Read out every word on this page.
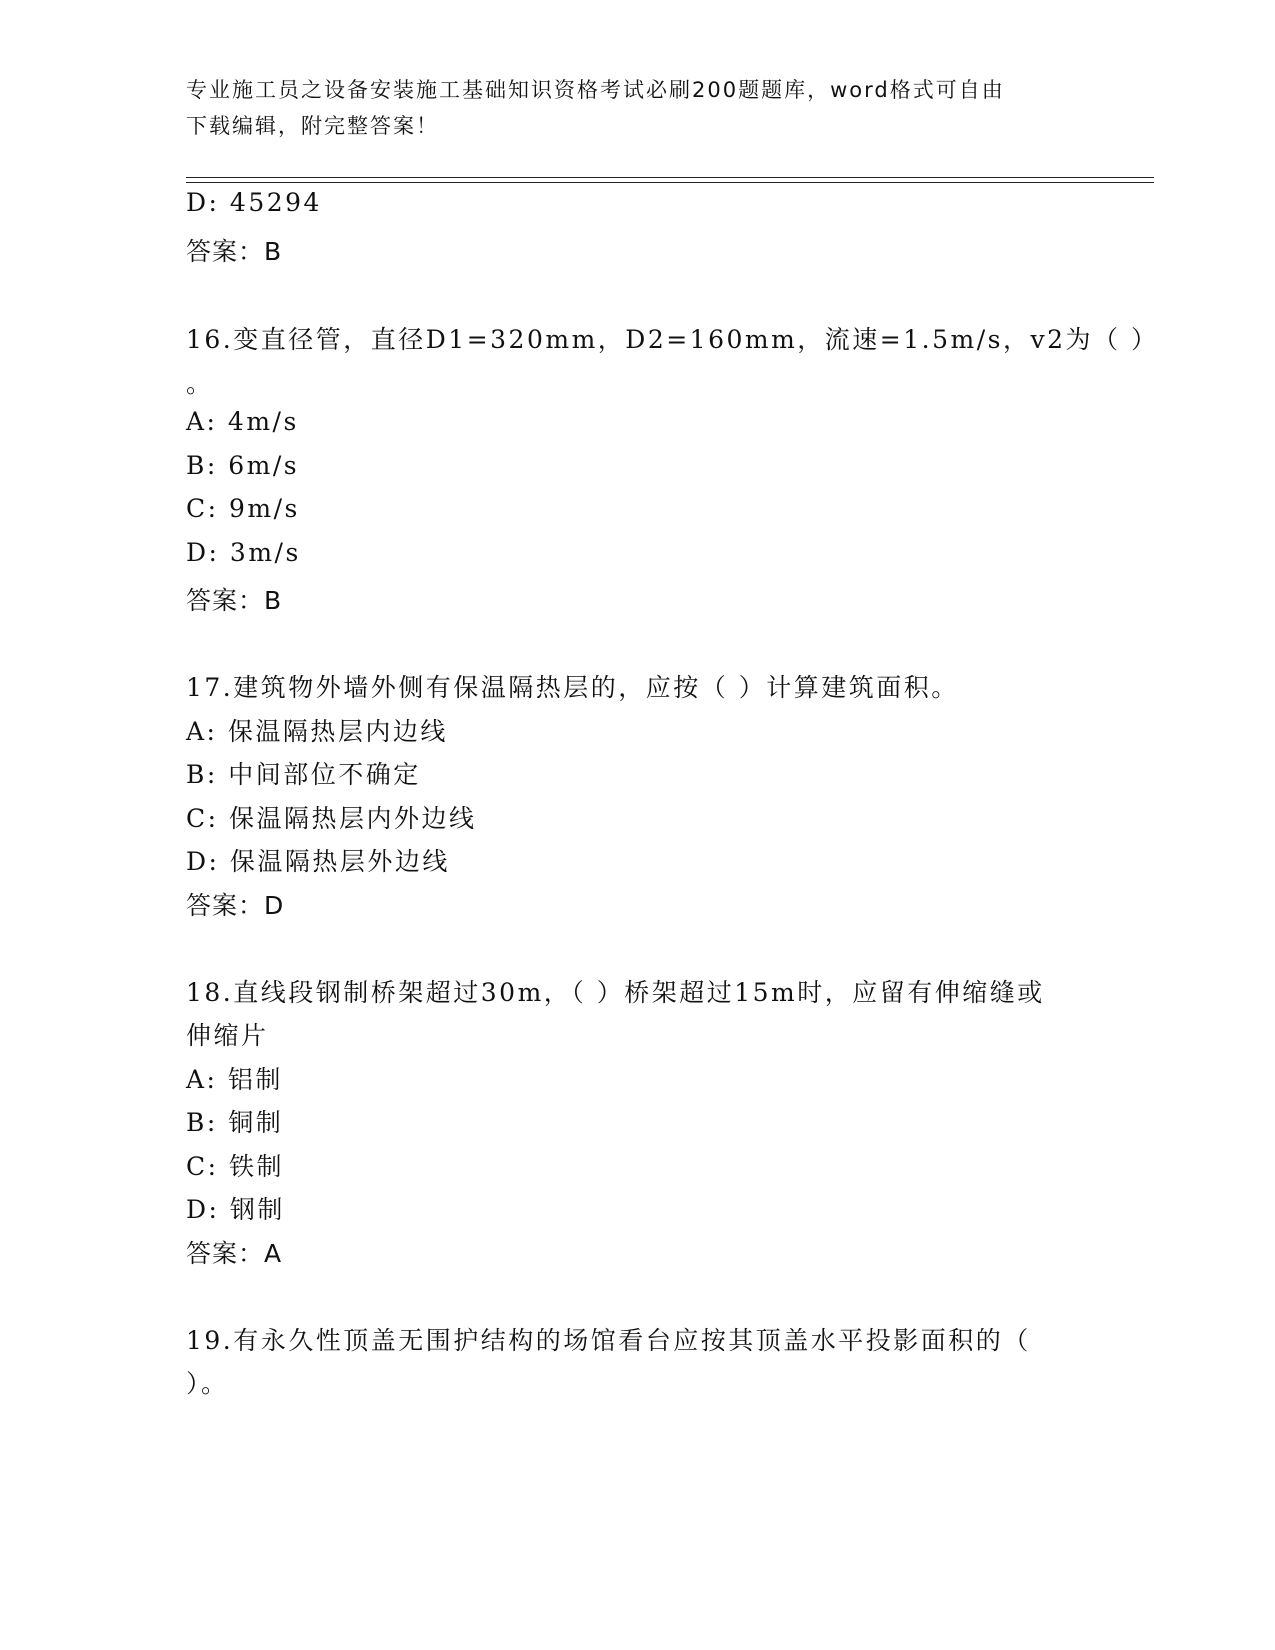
专业施工员之设备安装施工基础知识资格考试必刷200题题库，word格式可自由
下载编辑，附完整答案！
D: 45294
答案：B
16.变直径管，直径D1=320mm，D2=160mm，流速=1.5m/s，v2为（ ）
。
A: 4m/s
B: 6m/s
C: 9m/s
D: 3m/s
答案：B
17.建筑物外墙外侧有保温隔热层的，应按（ ）计算建筑面积。
A: 保温隔热层内边线
B: 中间部位不确定
C: 保温隔热层内外边线
D: 保温隔热层外边线
答案：D
18.直线段钢制桥架超过30m，（ ）桥架超过15m时，应留有伸缩缝或
伸缩片
A: 铝制
B: 铜制
C: 铁制
D: 钢制
答案：A
19.有永久性顶盖无围护结构的场馆看台应按其顶盖水平投影面积的（
）。
